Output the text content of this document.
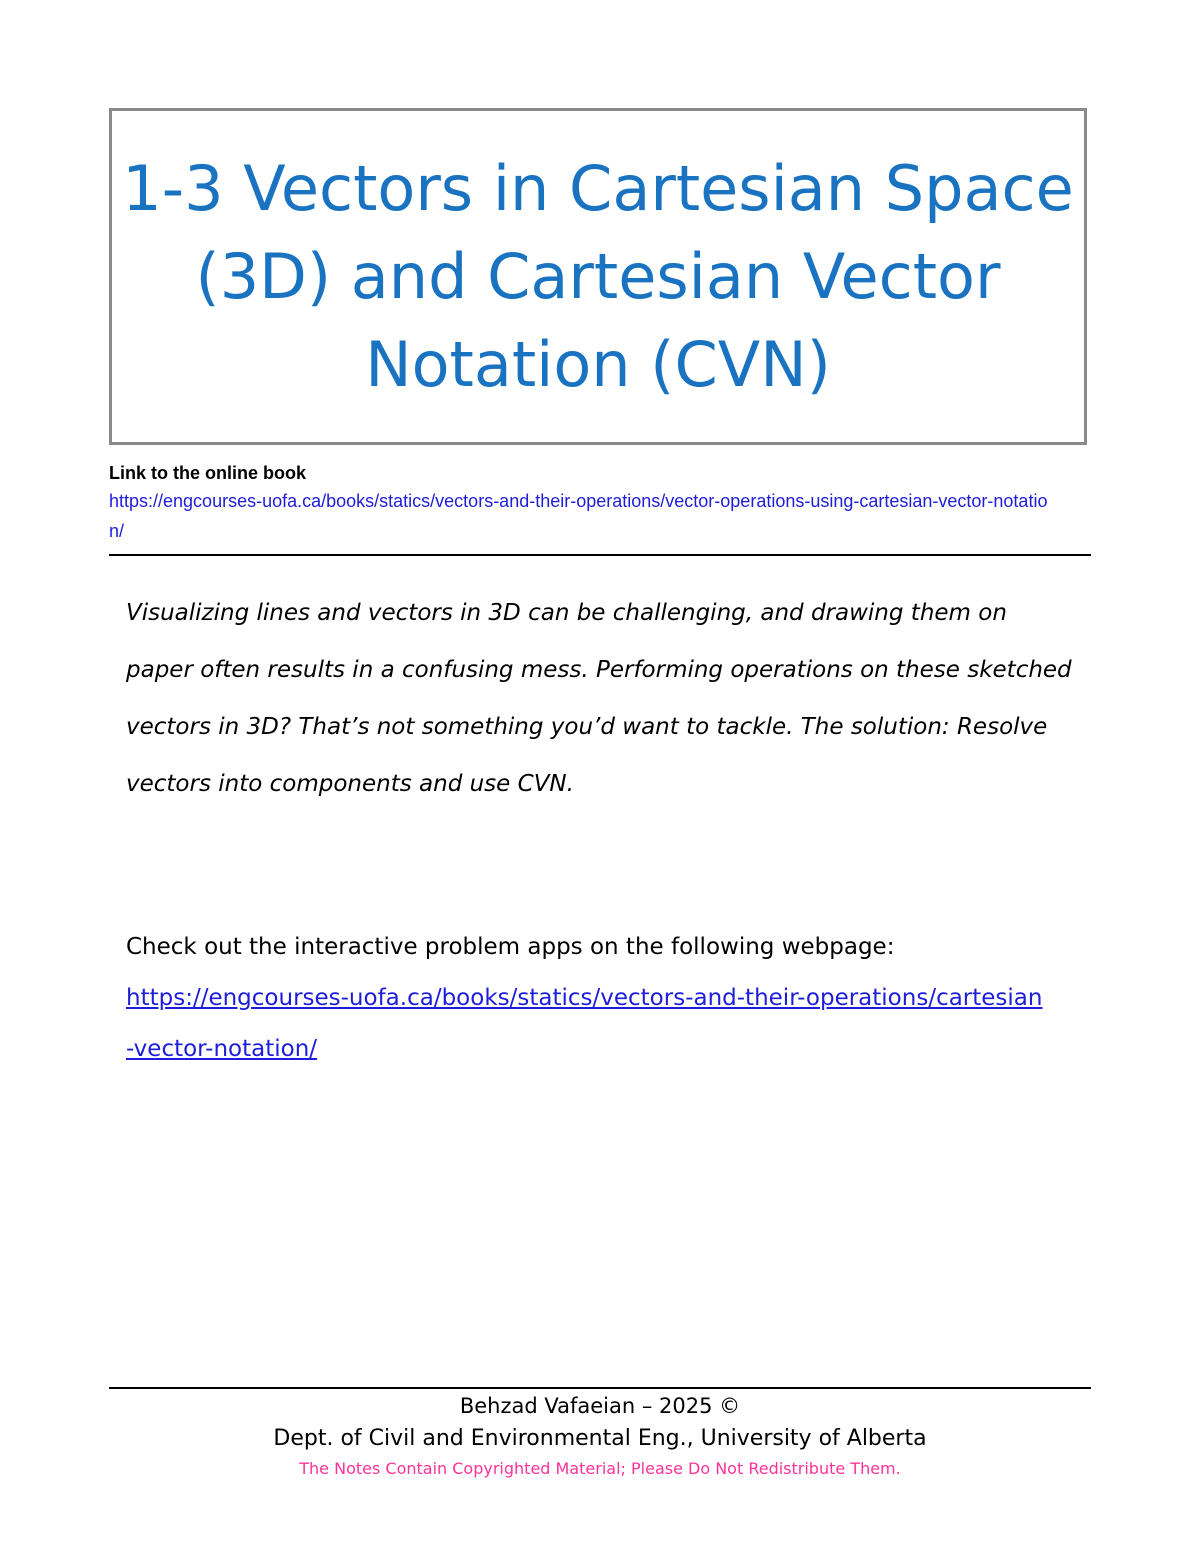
1-3 Vectors in Cartesian Space (3D) and Cartesian Vector Notation (CVN)
Link to the online book
https://engcourses-uofa.ca/books/statics/vectors-and-their-operations/vector-operations-using-cartesian-vector-notation/

Visualizing lines and vectors in 3D can be challenging, and drawing them on paper often results in a confusing mess. Performing operations on these sketched vectors in 3D? That’s not something you’d want to tackle. The solution: Resolve vectors into components and use CVN.

Check out the interactive problem apps on the following webpage:
https://engcourses-uofa.ca/books/statics/vectors-and-their-operations/cartesian-vector-notation/
Behzad Vafaeian – 2025 ©
Dept. of Civil and Environmental Eng., University of Alberta
The Notes Contain Copyrighted Material; Please Do Not Redistribute Them.
